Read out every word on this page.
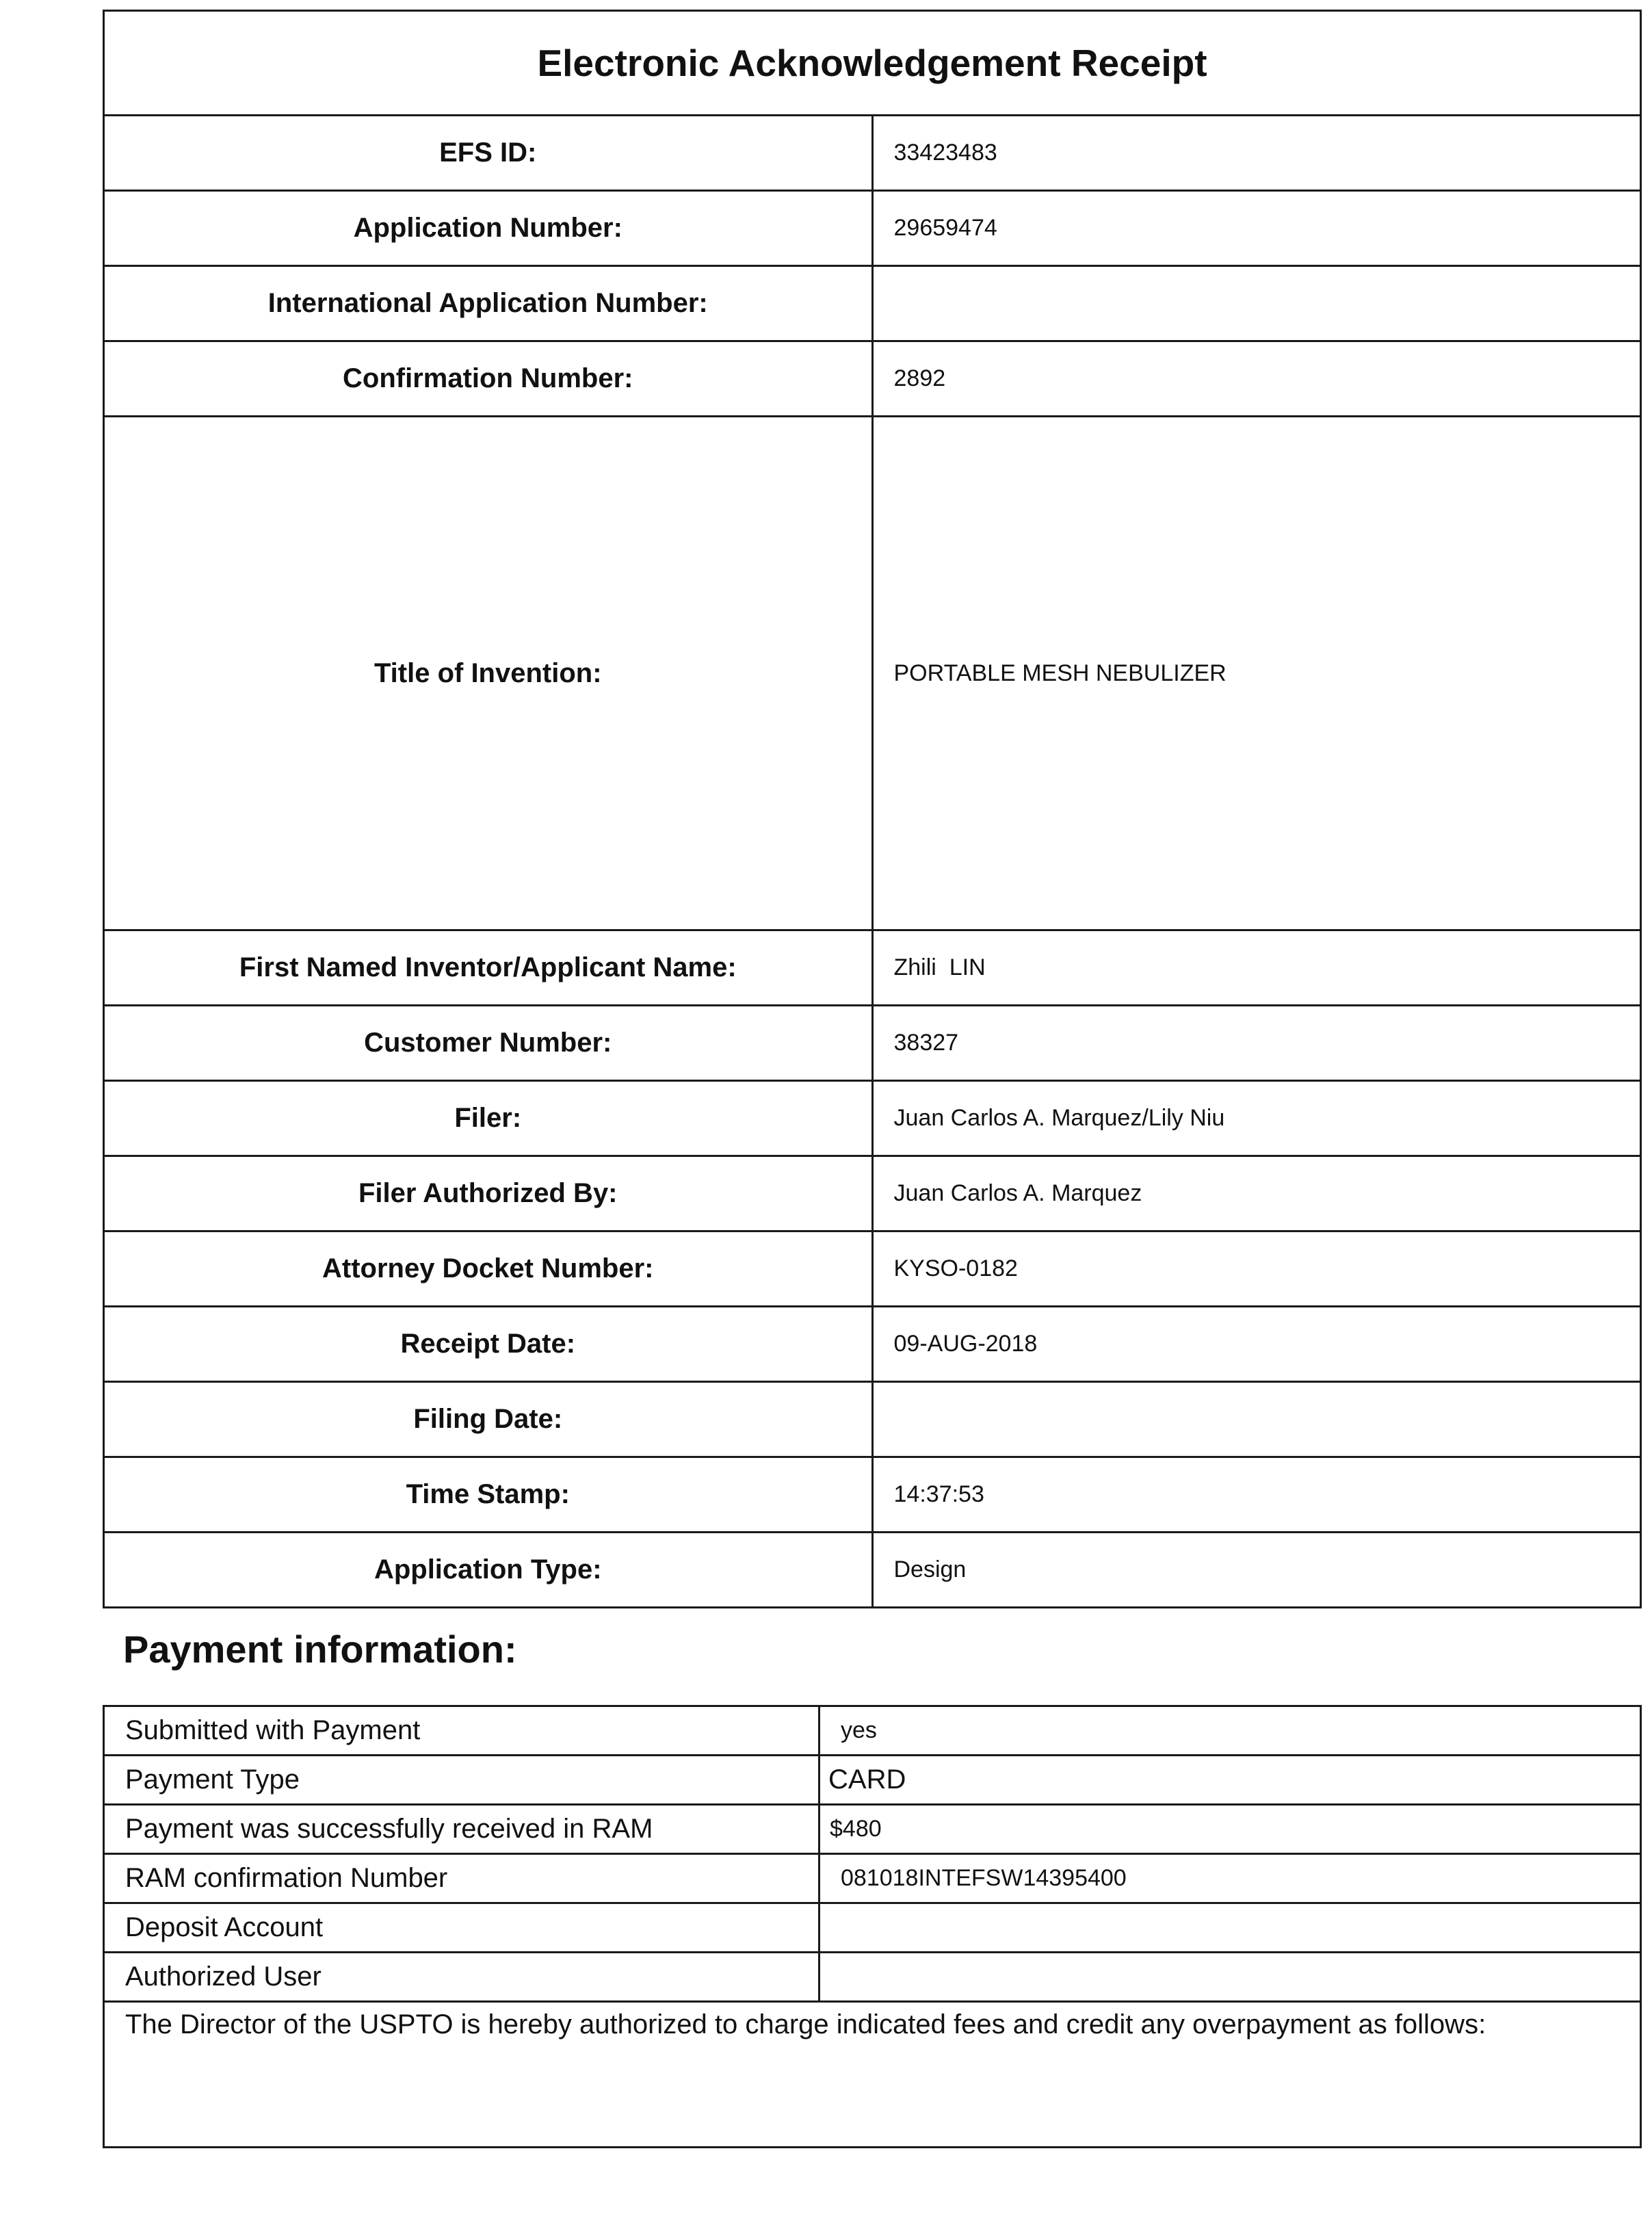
Electronic Acknowledgement Receipt	
EFS ID:	33423483
Application Number:	29659474
International Application Number:	
Confirmation Number:	2892
Title of Invention:	PORTABLE MESH NEBULIZER
First Named Inventor/Applicant Name:	Zhili  LIN
Customer Number:	38327
Filer:	Juan Carlos A. Marquez/Lily Niu
Filer Authorized By:	Juan Carlos A. Marquez
Attorney Docket Number:	KYSO-0182
Receipt Date:	09-AUG-2018
Filing Date:	
Time Stamp:	14:37:53
Application Type:	Design
Payment information:
Submitted with Payment	yes
Payment Type	CARD
Payment was successfully received in RAM	$480
RAM confirmation Number	081018INTEFSW14395400
Deposit Account	
Authorized User	
The Director of the USPTO is hereby authorized to charge indicated fees and credit any overpayment as follows:	
